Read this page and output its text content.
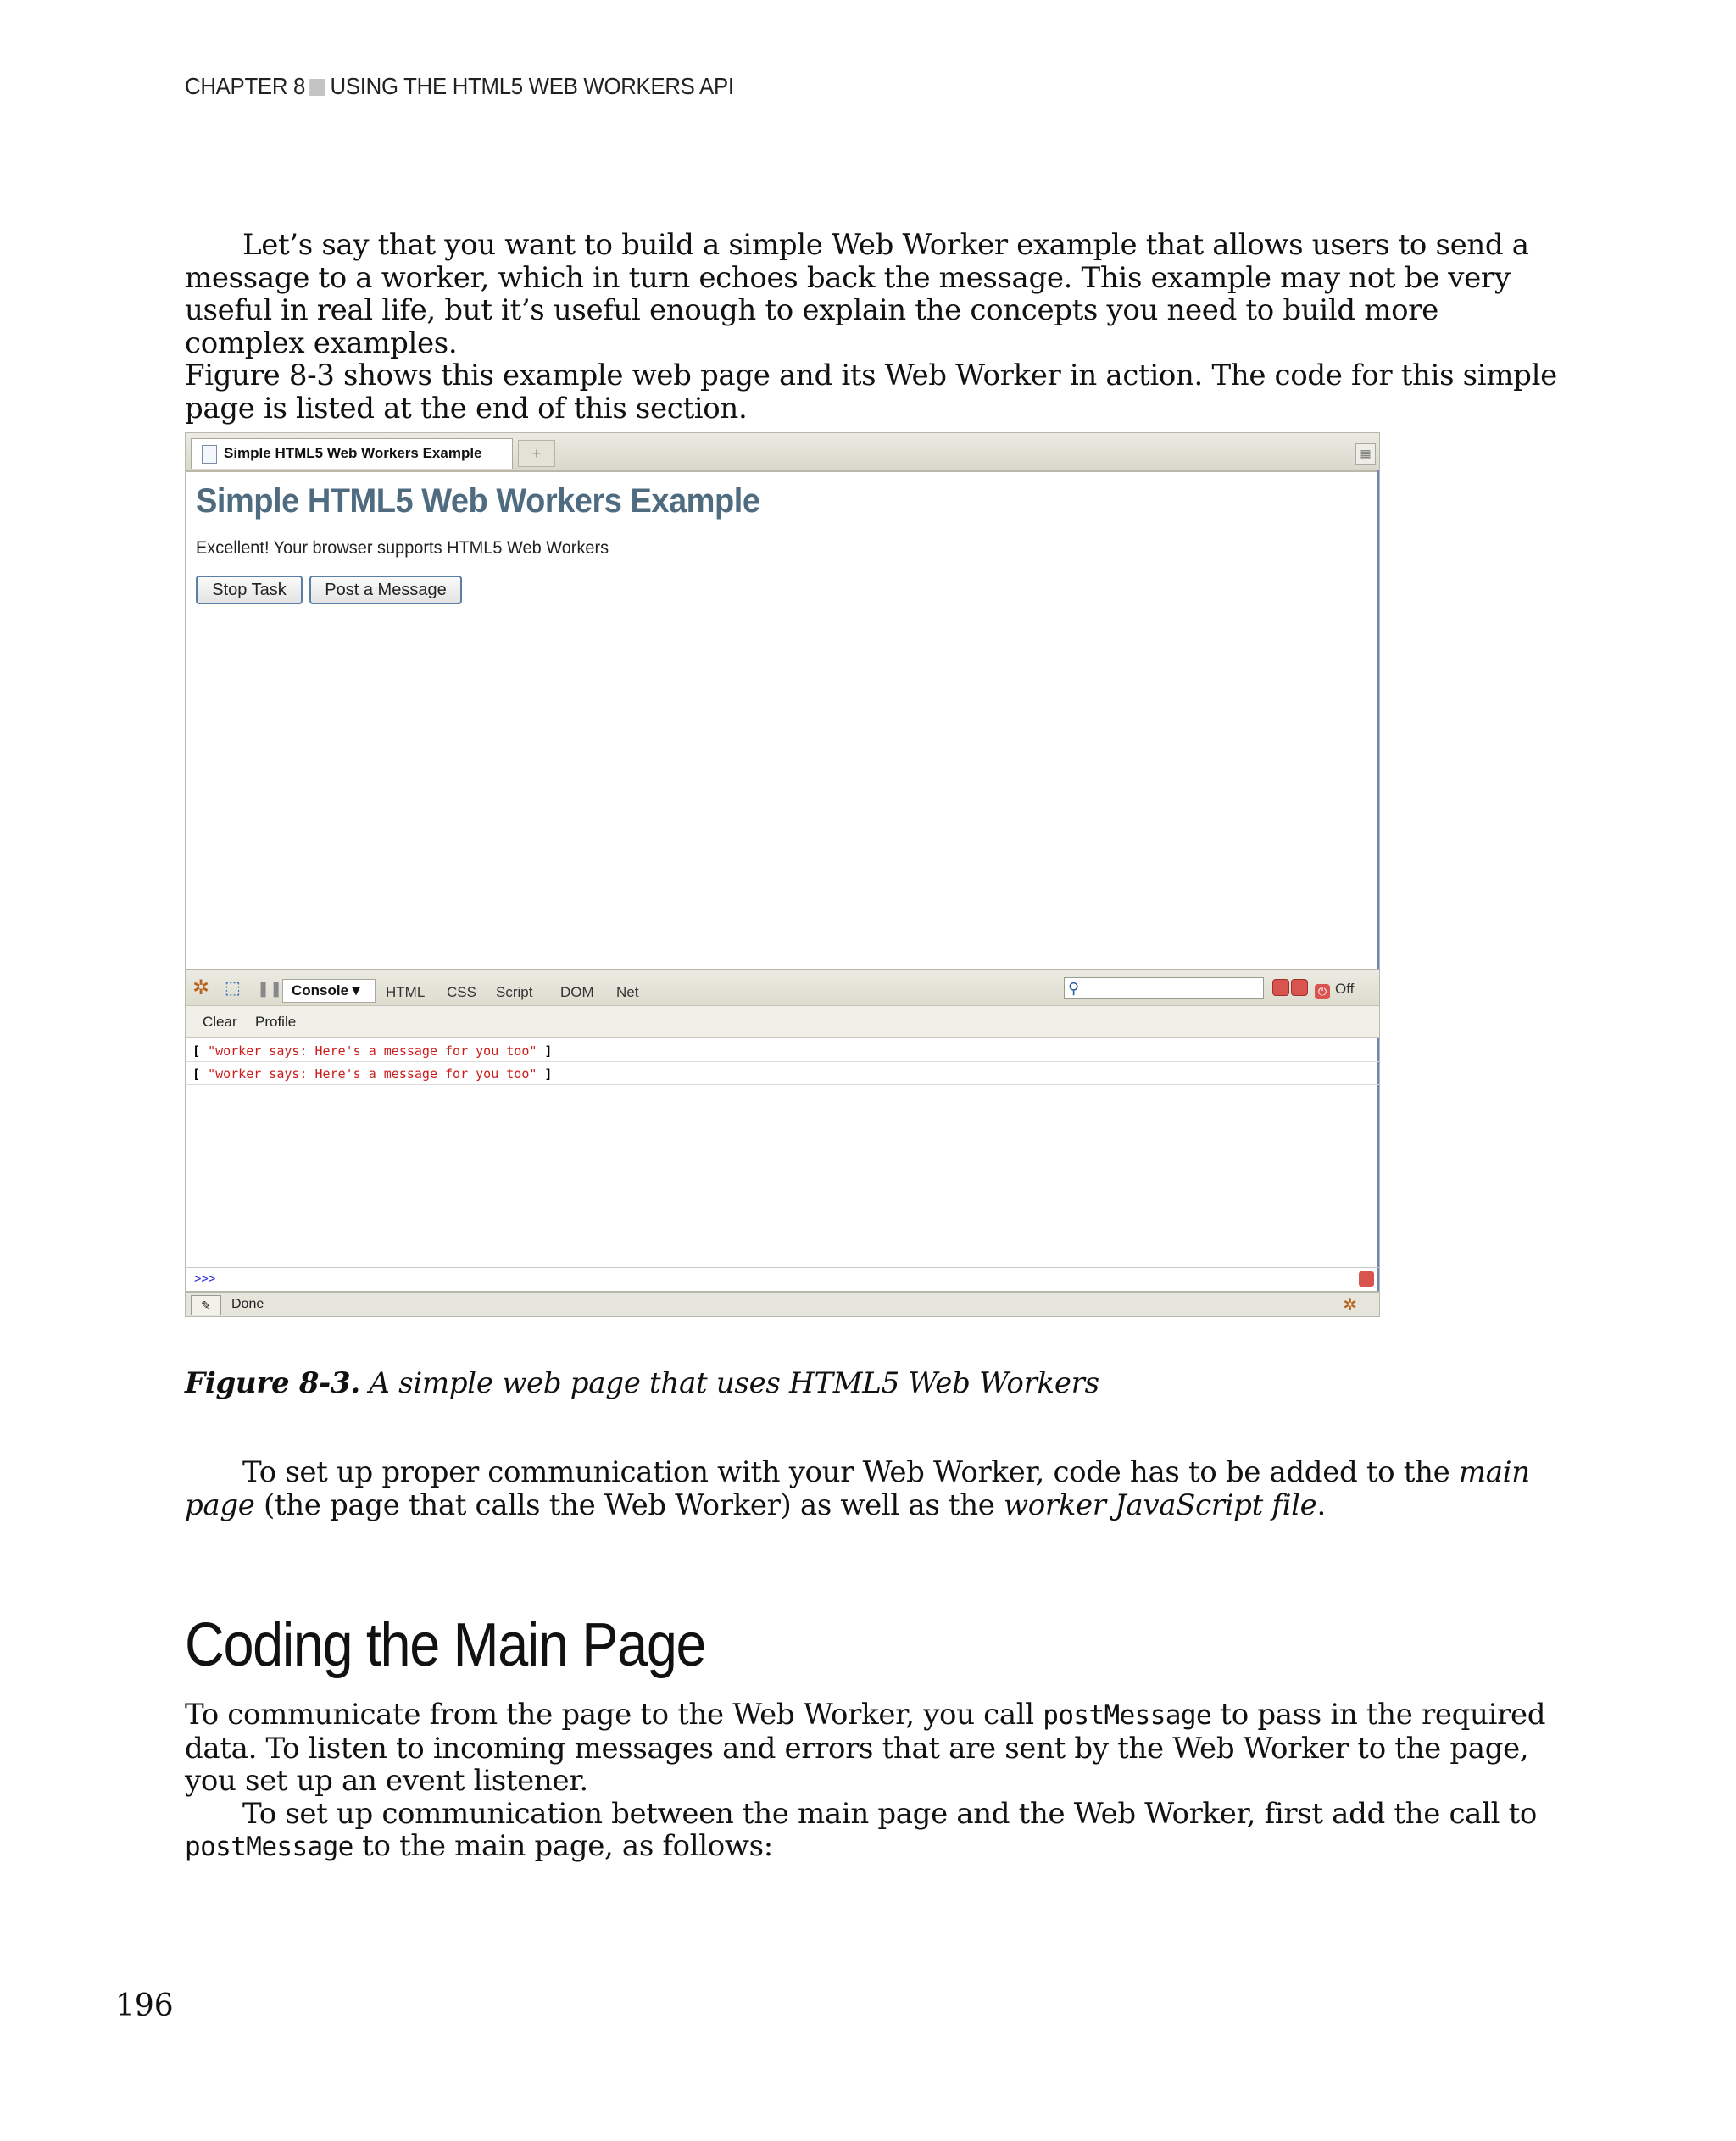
CHAPTER 8 USING THE HTML5 WEB WORKERS API

Let’s say that you want to build a simple Web Worker example that allows users to send a message to a worker, which in turn echoes back the message. This example may not be very useful in real life, but it’s useful enough to explain the concepts you need to build more complex examples.

Figure 8-3 shows this example web page and its Web Worker in action. The code for this simple page is listed at the end of this section.

Simple HTML5 Web Workers Example	+	▦
Simple HTML5 Web Workers Example
Excellent! Your browser supports HTML5 Web Workers
Stop Task	Post a Message
✲ ⬚ ❚❚ Console ▾	HTML CSS Script DOM Net	⚲	⏻ Off
Clear Profile
[ "worker says: Here's a message for you too" ]
[ "worker says: Here's a message for you too" ]
>>>
✎	Done	✲
Figure 8-3. A simple web page that uses HTML5 Web Workers

To set up proper communication with your Web Worker, code has to be added to the main page (the page that calls the Web Worker) as well as the worker JavaScript file.

Coding the Main Page

To communicate from the page to the Web Worker, you call postMessage to pass in the required data. To listen to incoming messages and errors that are sent by the Web Worker to the page, you set up an event listener.

To set up communication between the main page and the Web Worker, first add the call to postMessage to the main page, as follows:

196
